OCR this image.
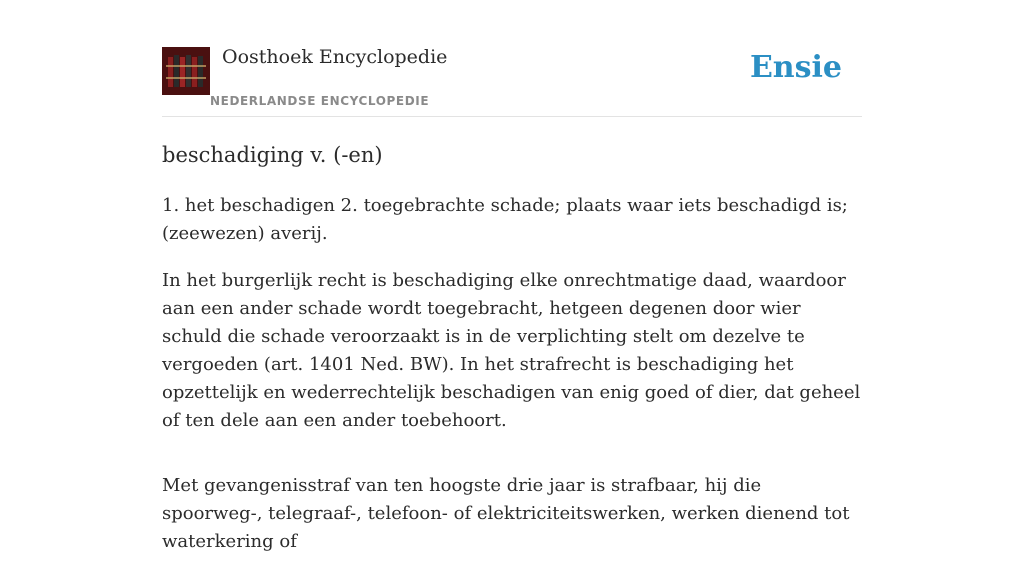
Oosthoek Encyclopedie
NEDERLANDSE ENCYCLOPEDIE
Ensie
beschadiging v. (-en)

1. het beschadigen 2. toegebrachte schade; plaats waar iets beschadigd is; (zeewezen) averij.

In het burgerlijk recht is beschadiging elke onrechtmatige daad, waardoor aan een ander schade wordt toegebracht, hetgeen degenen door wier schuld die schade veroorzaakt is in de verplichting stelt om dezelve te vergoeden (art. 1401 Ned. BW). In het strafrecht is beschadiging het opzettelijk en wederrechtelijk beschadigen van enig goed of dier, dat geheel of ten dele aan een ander toebehoort.

Met gevangenisstraf van ten hoogste drie jaar is strafbaar, hij die spoorweg-, telegraaf-, telefoon- of elektriciteitswerken, werken dienend tot waterkering of
